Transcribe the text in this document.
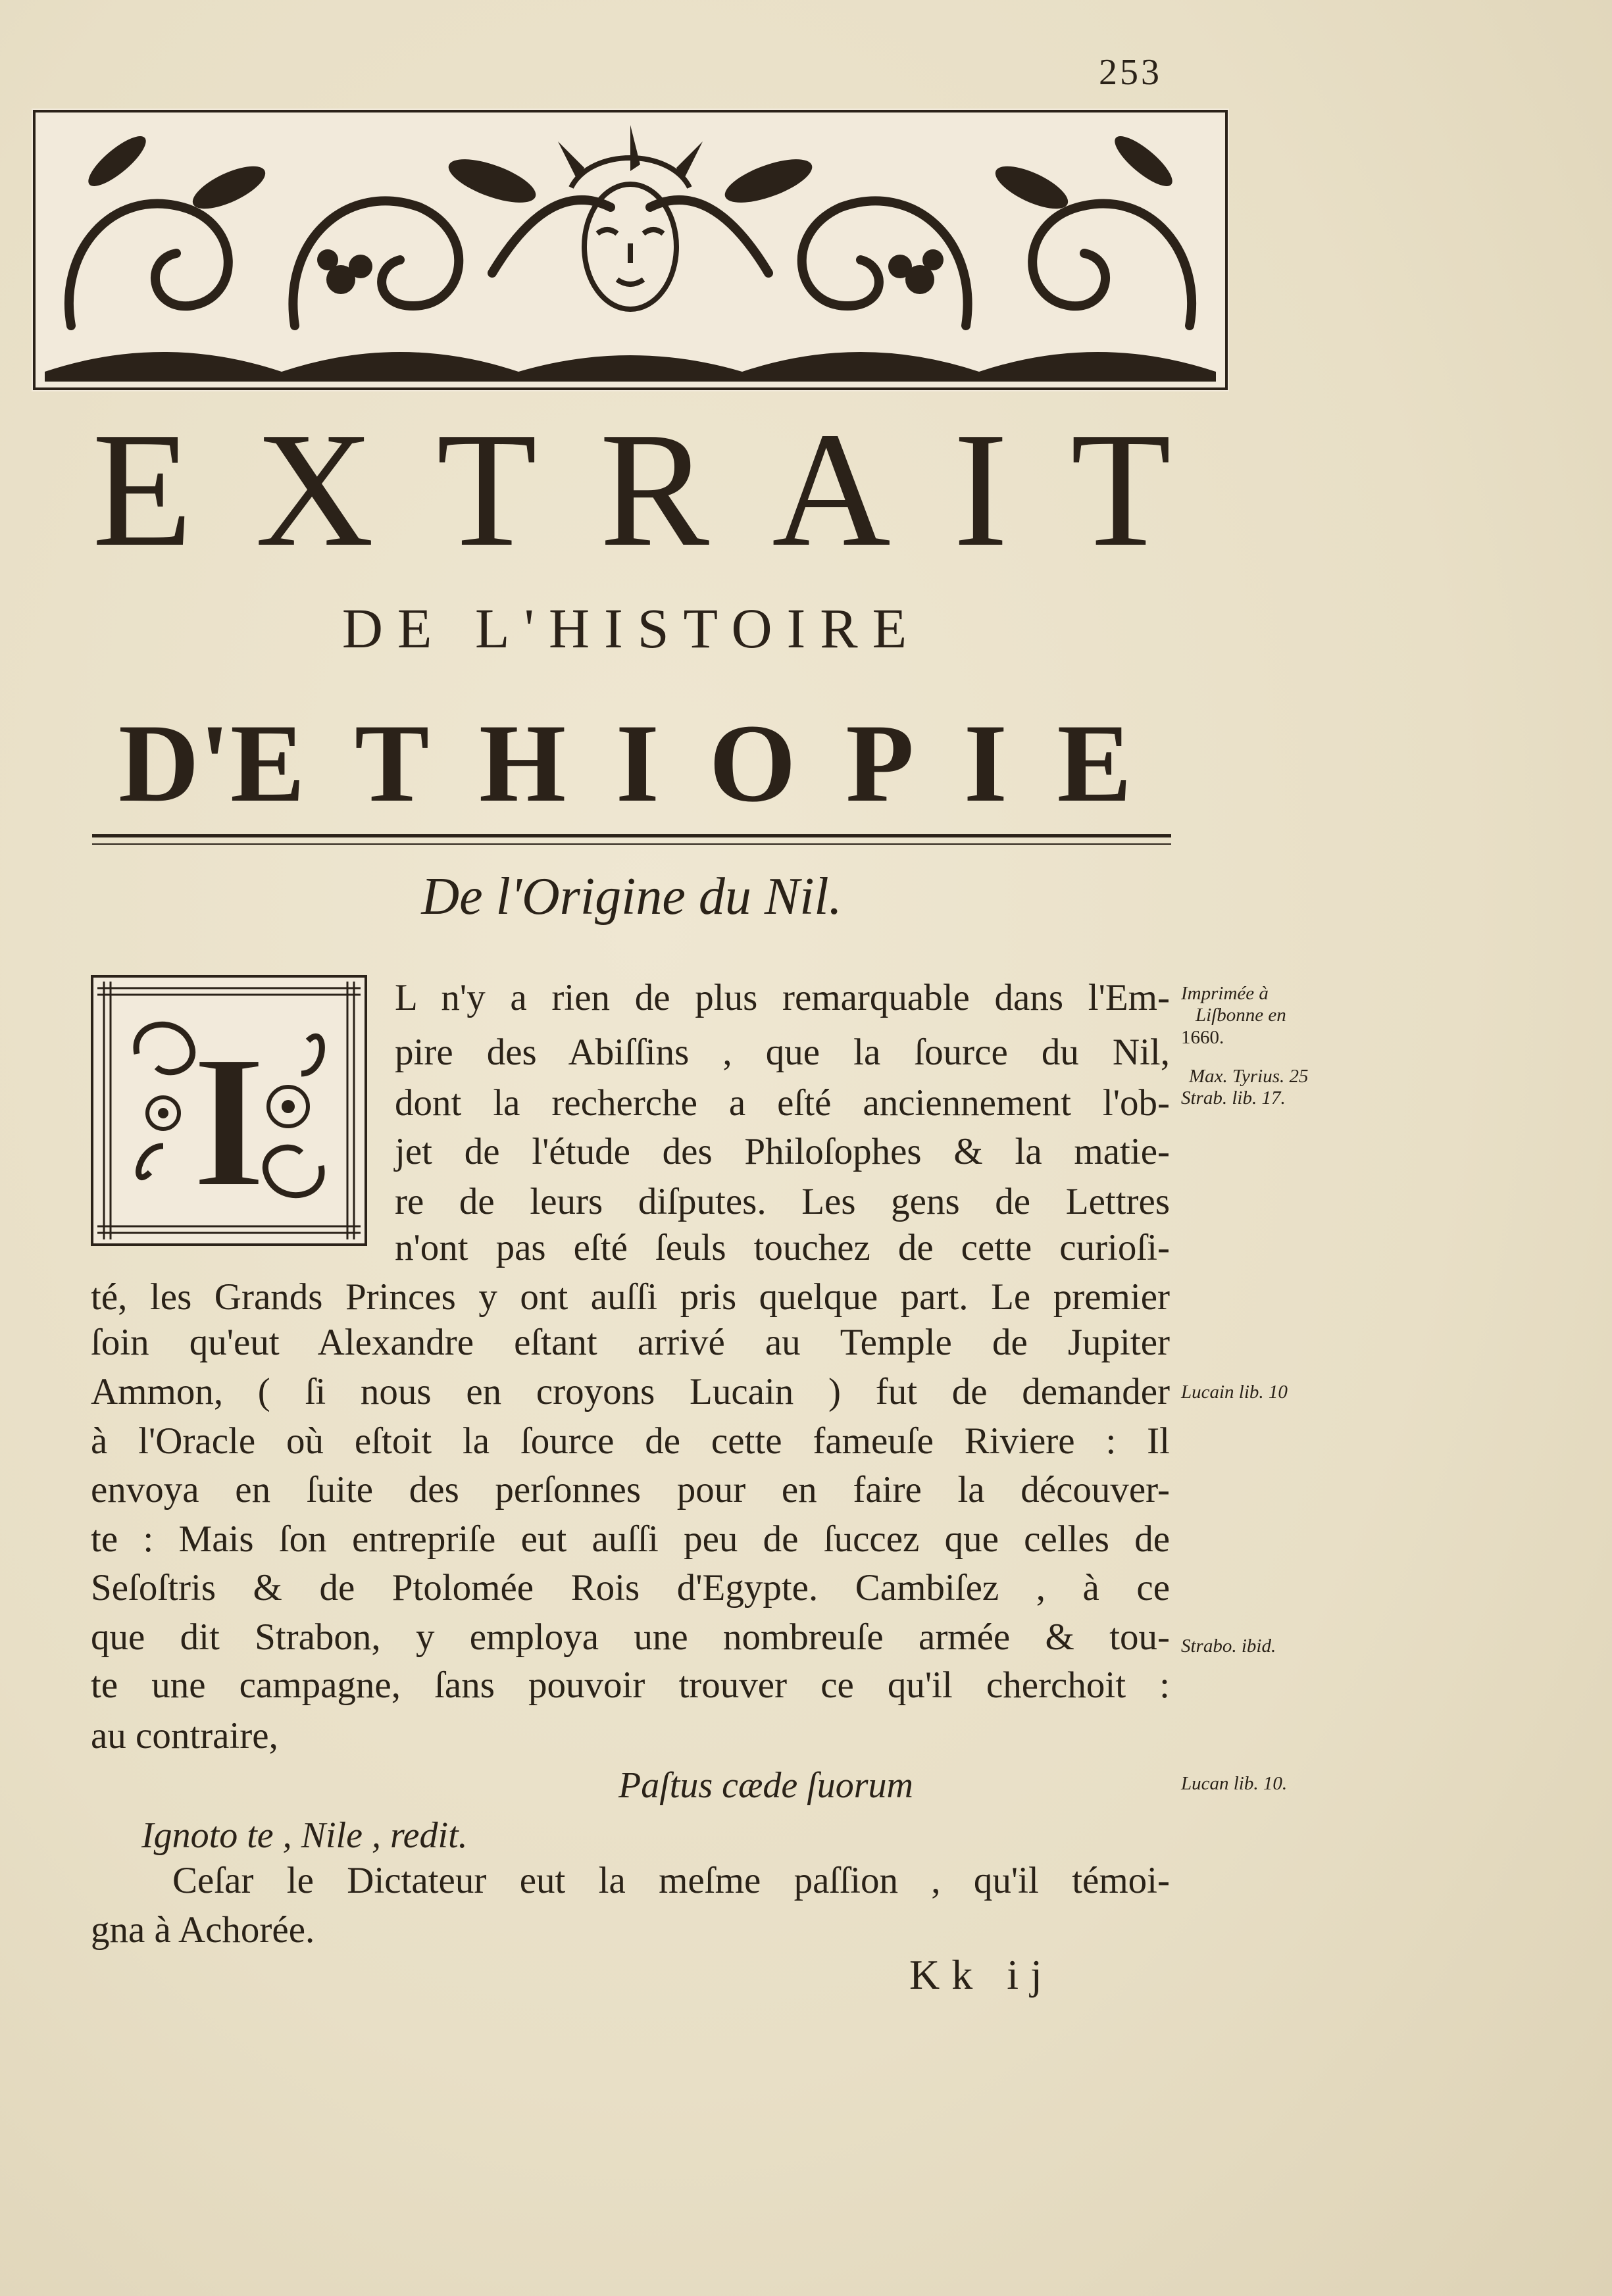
253
E X T R A I T
DE L'HISTOIRE
D'E T H I O P I E
De l'Origine du Nil.
I
L n'y a rien de plus remarquable dans l'Em-
pire des Abiſſins , que la ſource du Nil,
dont la recherche a eſté anciennement l'ob-
jet de l'étude des Philoſophes & la matie-
re de leurs diſputes. Les gens de Lettres
n'ont pas eſté ſeuls touchez de cette curioſi-
té, les Grands Princes y ont auſſi pris quelque part. Le premier
ſoin qu'eut Alexandre eſtant arrivé au Temple de Jupiter
Ammon, ( ſi nous en croyons Lucain ) fut de demander
à l'Oracle où eſtoit la ſource de cette fameuſe Riviere : Il
envoya en ſuite des perſonnes pour en faire la découver-
te : Mais ſon entrepriſe eut auſſi peu de ſuccez que celles de
Seſoſtris & de Ptolomée Rois d'Egypte. Cambiſez , à ce
que dit Strabon, y employa une nombreuſe armée & tou-
te une campagne, ſans pouvoir trouver ce qu'il cherchoit :
au contraire,
Paſtus cæde ſuorum
Ignoto te , Nile , redit.
Ceſar le Dictateur eut la meſme paſſion , qu'il témoi-
gna à Achorée.
Kk ij
Imprimée à
Liſbonne en
1660.
Max. Tyrius. 25
Strab. lib. 17.
Lucain lib. 10
Strabo. ibid.
Lucan lib. 10.
